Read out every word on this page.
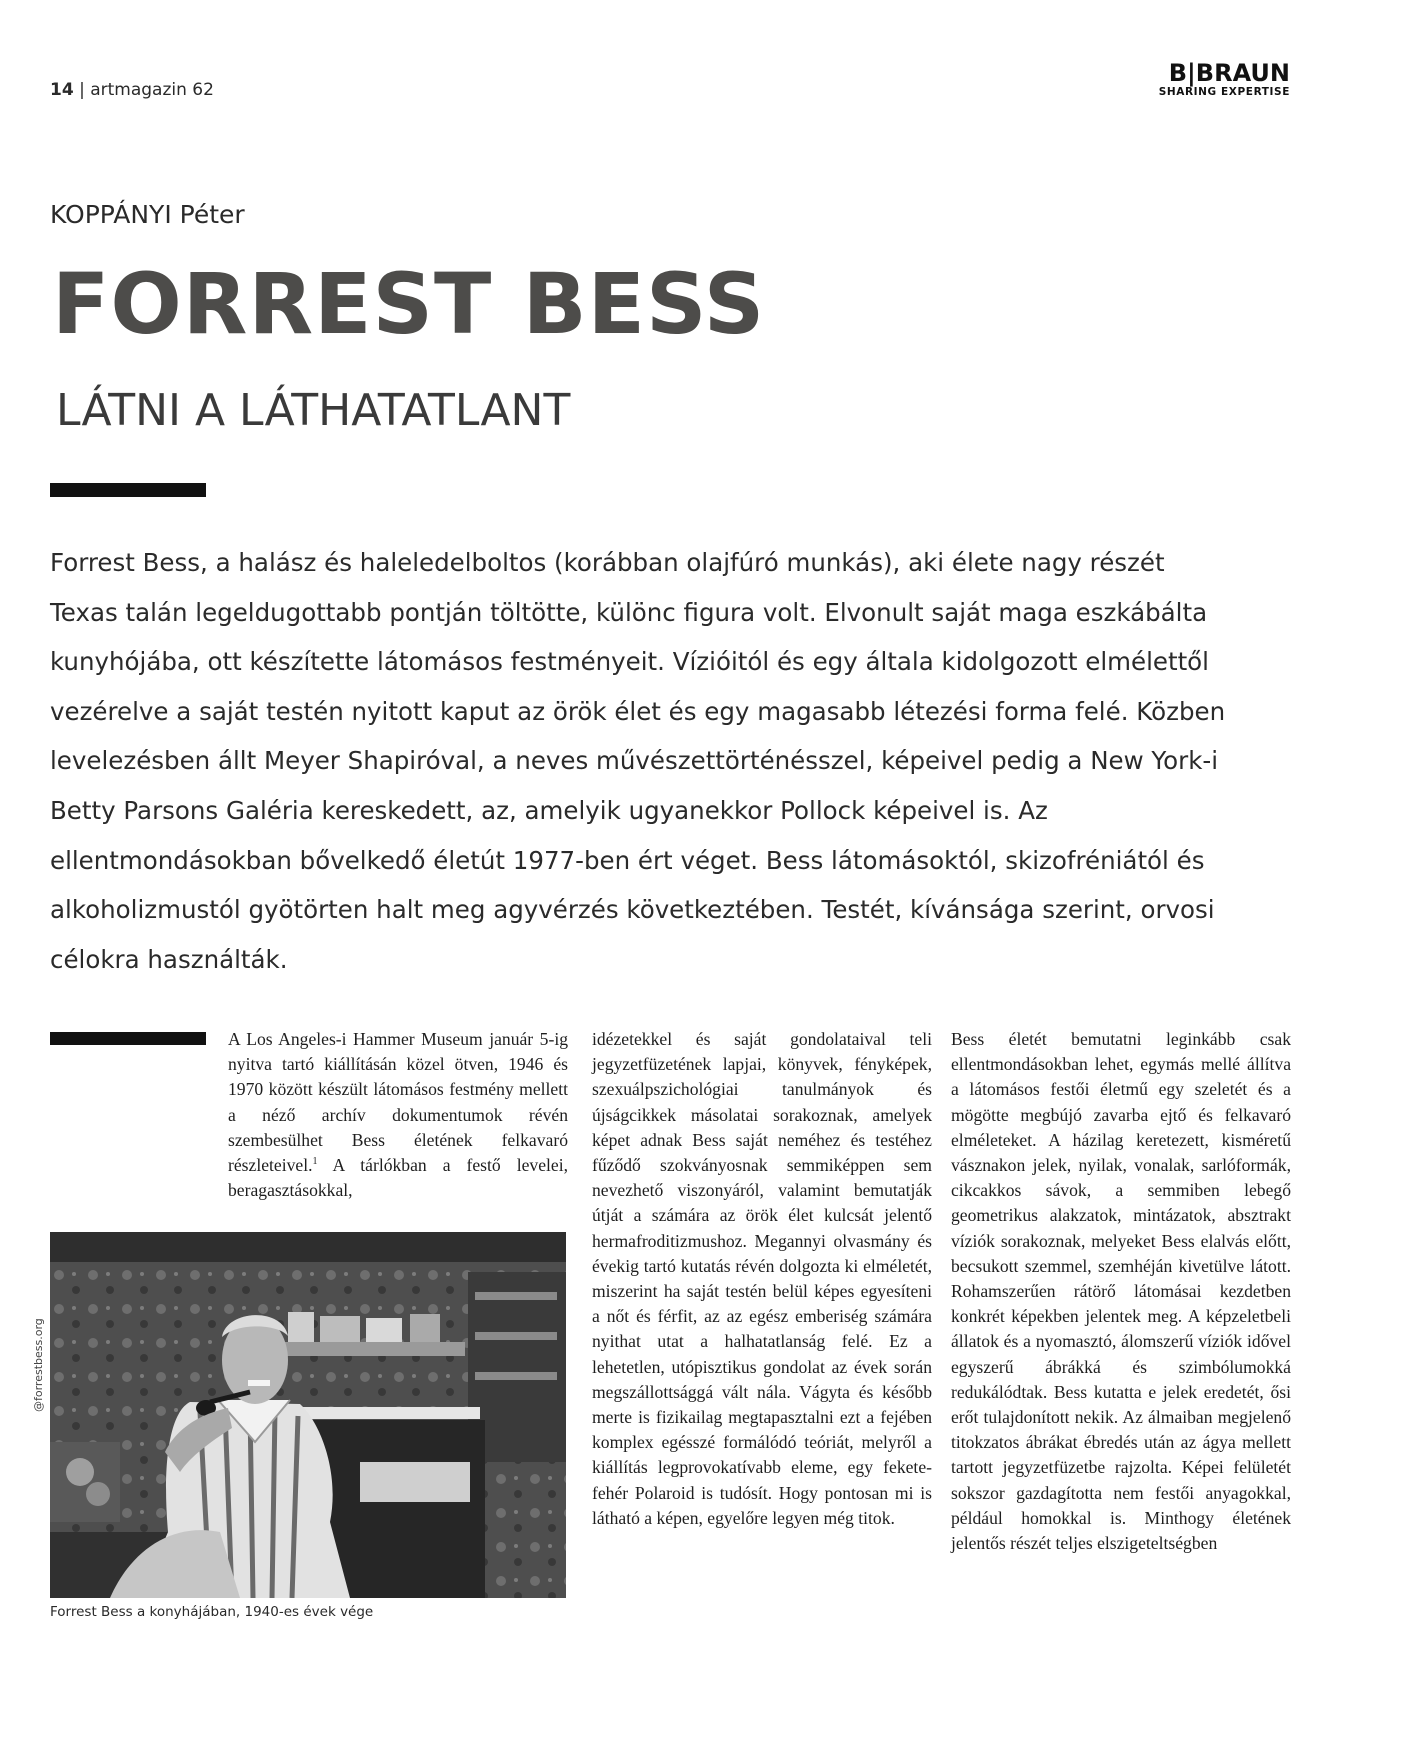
14 | artmagazin 62
B|BRAUN
SHARING EXPERTISE
KOPPÁNYI Péter
FORREST BESS
LÁTNI A LÁTHATATLANT

Forrest Bess, a halász és haleledelboltos (korábban olajfúró munkás), aki élete nagy részét Texas talán legeldugottabb pontján töltötte, különc figura volt. Elvonult saját maga eszkábálta kunyhójába, ott készítette látomásos festményeit. Vízióitól és egy általa kidolgozott elmélettől vezérelve a saját testén nyitott kaput az örök élet és egy magasabb létezési forma felé. Közben levelezésben állt Meyer Shapiróval, a neves művészettörténésszel, képeivel pedig a New York-i Betty Parsons Galéria kereskedett, az, amelyik ugyanekkor Pollock képeivel is. Az ellentmondásokban bővelkedő életút 1977-ben ért véget. Bess látomásoktól, skizofréniától és alkoholizmustól gyötörten halt meg agyvérzés következtében. Testét, kívánsága szerint, orvosi célokra használták.

A Los Angeles-i Hammer Museum január 5-ig nyitva tartó kiállításán közel ötven, 1946 és 1970 között készült látomásos festmény mellett a néző archív dokumentumok révén szembesülhet Bess életének felkavaró részleteivel.$^1$ A tárlókban a festő levelei, beragasztásokkal,

idézetekkel és saját gondolataival teli jegyzetfüzetének lapjai, könyvek, fényképek, szexuálpszichológiai tanulmányok és újságcikkek másolatai sorakoznak, amelyek képet adnak Bess saját neméhez és testéhez fűződő szokványosnak semmiképpen sem nevezhető viszonyáról, valamint bemutatják útját a számára az örök élet kulcsát jelentő hermafroditizmushoz. Megannyi olvasmány és évekig tartó kutatás révén dolgozta ki elméletét, miszerint ha saját testén belül képes egyesíteni a nőt és férfit, az az egész emberiség számára nyithat utat a halhatatlanság felé. Ez a lehetetlen, utópisztikus gondolat az évek során megszállottsággá vált nála. Vágyta és később merte is fizikailag megtapasztalni ezt a fejében komplex egésszé formálódó teóriát, melyről a kiállítás legprovokatívabb eleme, egy fekete-fehér Polaroid is tudósít. Hogy pontosan mi is látható a képen, egyelőre legyen még titok.

Bess életét bemutatni leginkább csak ellentmondásokban lehet, egymás mellé állítva a látomásos festői életmű egy szeletét és a mögötte megbújó zavarba ejtő és felkavaró elméleteket. A házilag keretezett, kisméretű vásznakon jelek, nyilak, vonalak, sarlóformák, cikcakkos sávok, a semmiben lebegő geometrikus alakzatok, mintázatok, absztrakt víziók sorakoznak, melyeket Bess elalvás előtt, becsukott szemmel, szemhéján kivetülve látott. Rohamszerűen rátörő látomásai kezdetben konkrét képekben jelentek meg. A képzeletbeli állatok és a nyomasztó, álomszerű víziók idővel egyszerű ábrákká és szimbólumokká redukálódtak. Bess kutatta e jelek eredetét, ősi erőt tulajdonított nekik. Az álmaiban megjelenő titokzatos ábrákat ébredés után az ágya mellett tartott jegyzetfüzetbe rajzolta. Képei felületét sokszor gazdagította nem festői anyagokkal, például homokkal is. Minthogy életének jelentős részét teljes elszigeteltségben

@forrestbess.org
Forrest Bess a konyhájában, 1940-es évek vége
